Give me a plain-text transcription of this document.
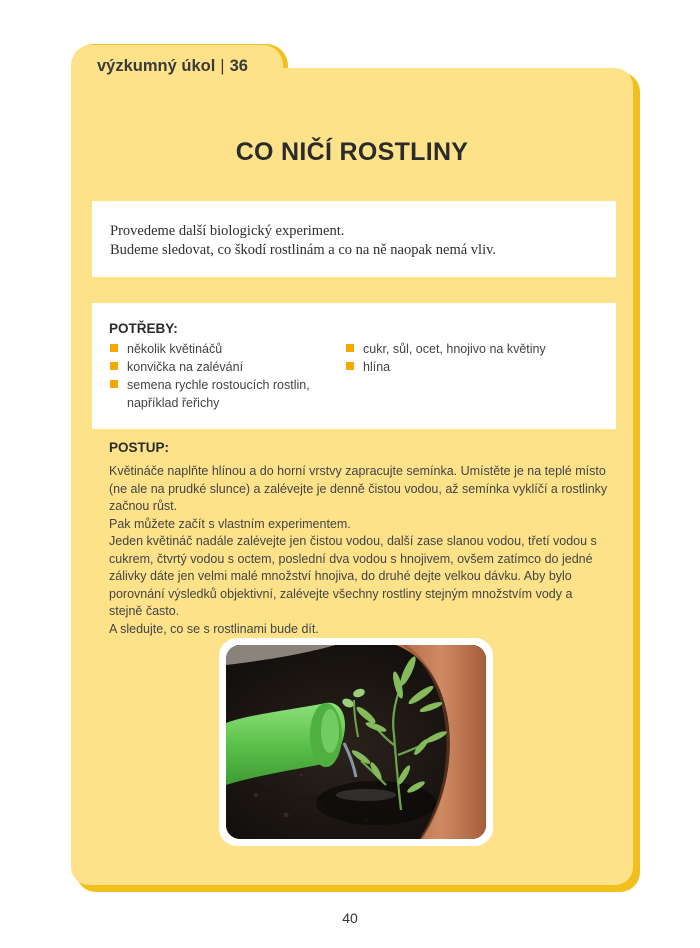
výzkumný úkol | 36
CO NIČÍ ROSTLINY
Provedeme další biologický experiment.
Budeme sledovat, co škodí rostlinám a co na ně naopak nemá vliv.
POTŘEBY:
několik květináčů
konvička na zalévání
semena rychle rostoucích rostlin, například řeřichy
cukr, sůl, ocet, hnojivo na květiny
hlína
POSTUP:

Květináče naplňte hlínou a do horní vrstvy zapracujte semínka. Umístěte je na teplé místo (ne ale na prudké slunce) a zalévejte je denně čistou vodou, až semínka vyklíčí a rostlinky začnou růst.

Pak můžete začít s vlastním experimentem.

Jeden květináč nadále zalévejte jen čistou vodou, další zase slanou vodou, třetí vodou s cukrem, čtvrtý vodou s octem, poslední dva vodou s hnojivem, ovšem zatímco do jedné zálivky dáte jen velmi malé množství hnojiva, do druhé dejte velkou dávku. Aby bylo porovnání výsledků objektivní, zalévejte všechny rostliny stejným množstvím vody a stejně často.

A sledujte, co se s rostlinami bude dít.

40
